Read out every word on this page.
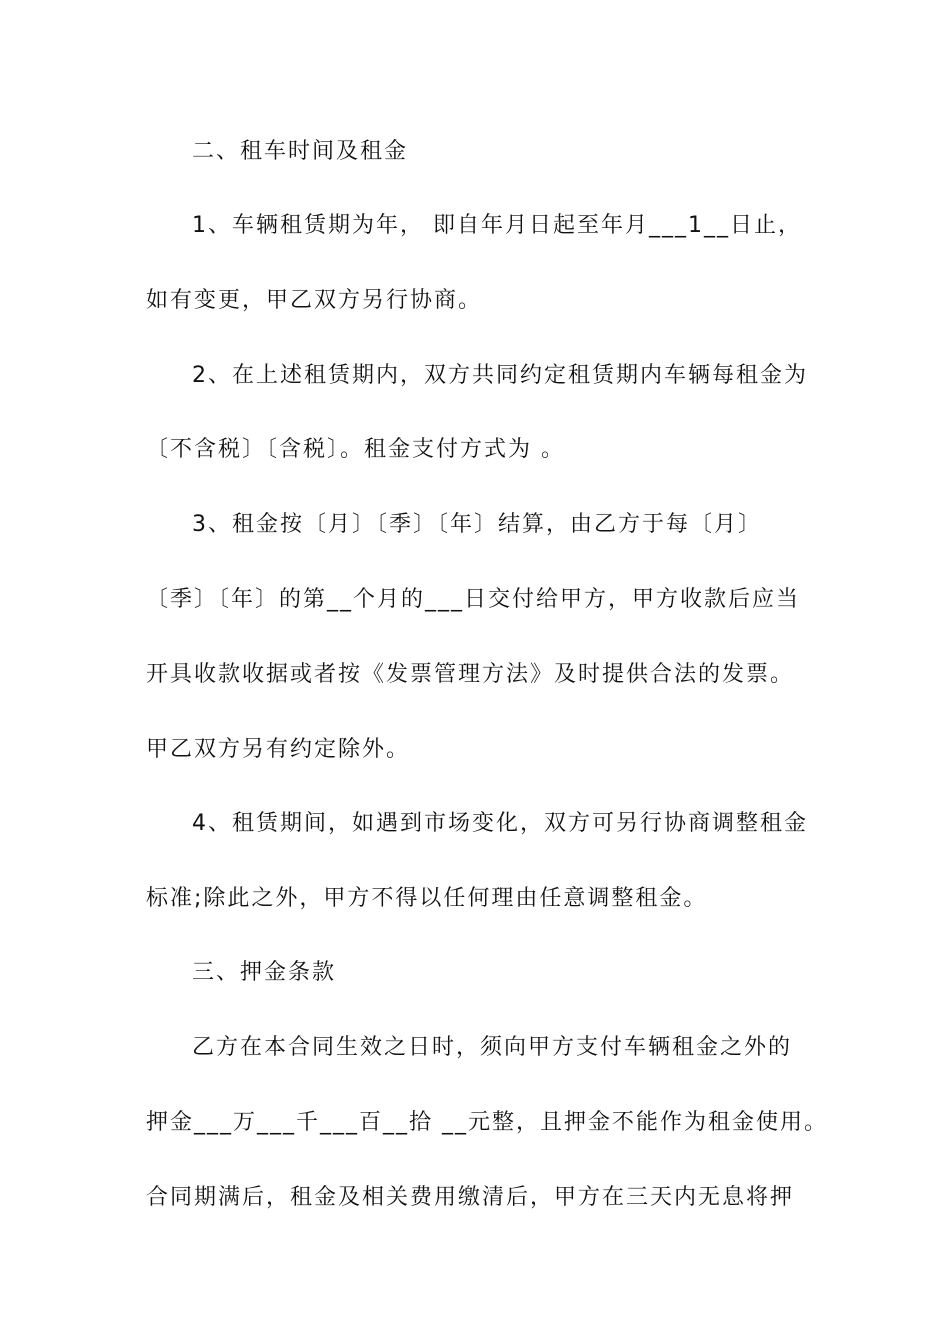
二、租车时间及租金
1、车辆租赁期为年， 即自年月日起至年月___1__日止，
如有变更，甲乙双方另行协商。
2、在上述租赁期内，双方共同约定租赁期内车辆每租金为
〔不含税〕〔含税〕。租金支付方式为 。
3、租金按〔月〕〔季〕〔年〕结算，由乙方于每〔月〕
〔季〕〔年〕的第__个月的___日交付给甲方，甲方收款后应当
开具收款收据或者按《发票管理方法》及时提供合法的发票。
甲乙双方另有约定除外。
4、租赁期间，如遇到市场变化，双方可另行协商调整租金
标准;除此之外，甲方不得以任何理由任意调整租金。
三、押金条款
乙方在本合同生效之日时，须向甲方支付车辆租金之外的
押金___万___千___百__拾 __元整，且押金不能作为租金使用。
合同期满后，租金及相关费用缴清后，甲方在三天内无息将押
